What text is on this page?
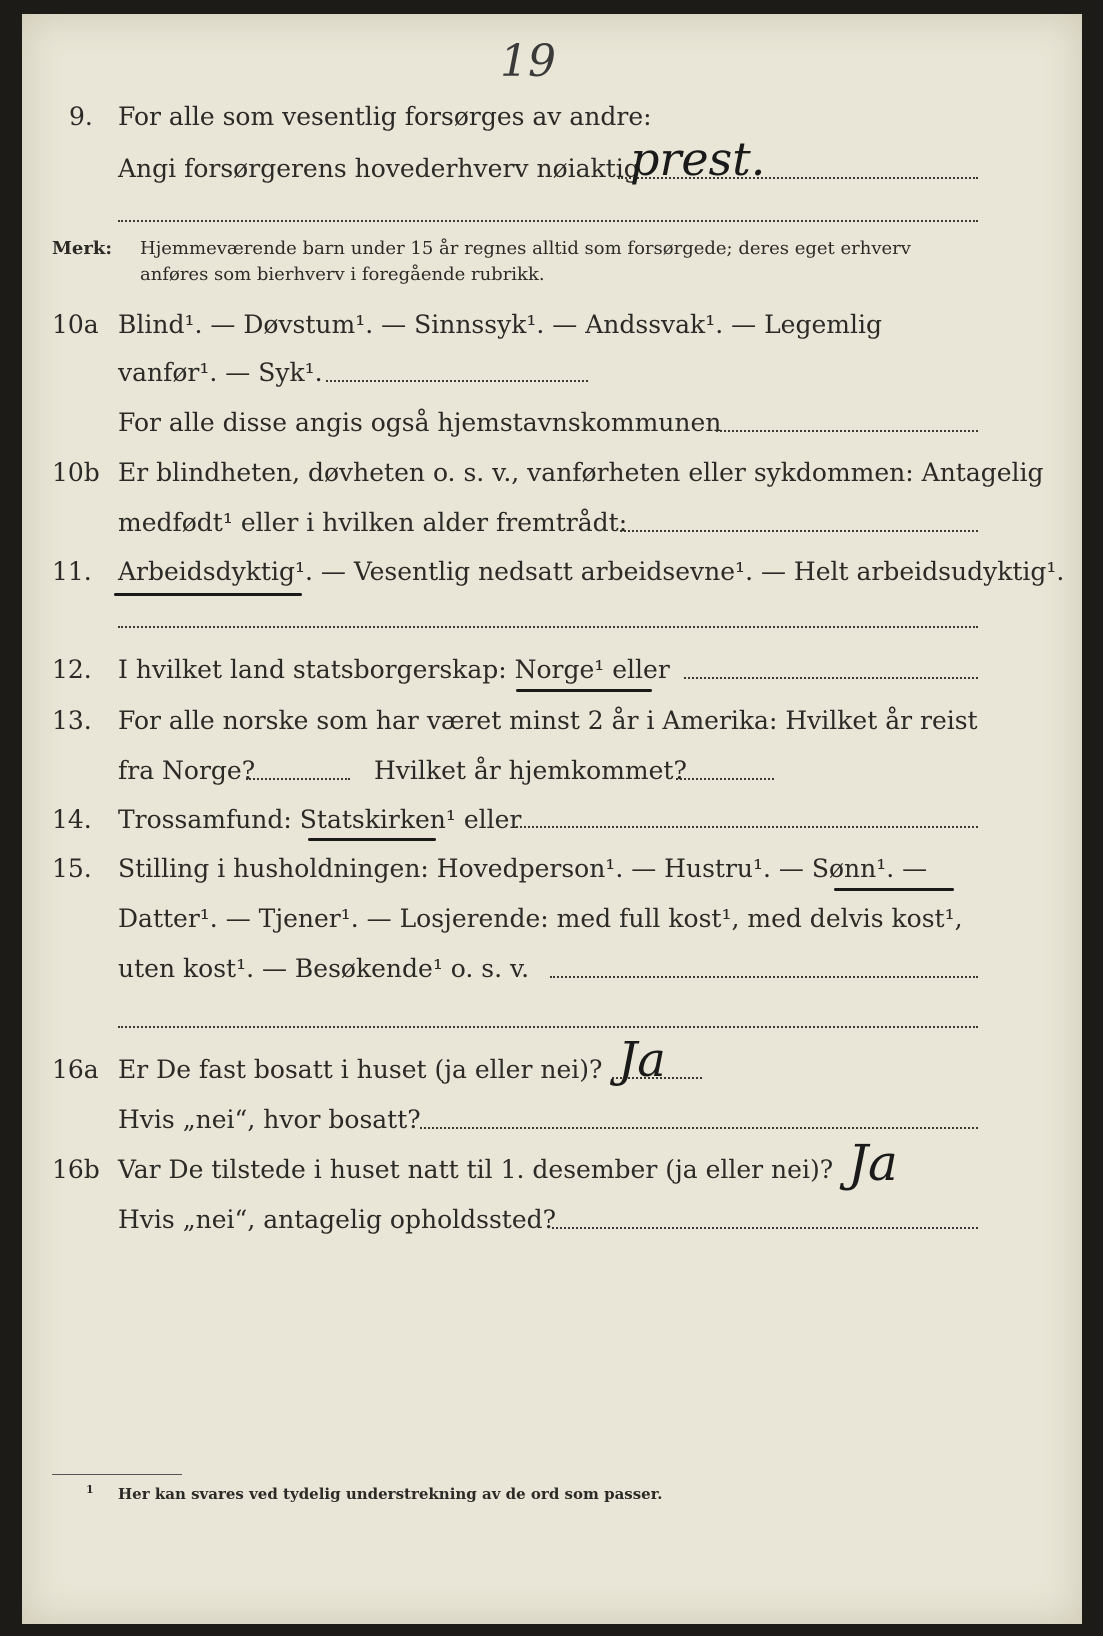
19
9. For alle som vesentlig forsørges av andre:
Angi forsørgerens hovederhverv nøiaktig
prest.
Merk: Hjemmeværende barn under 15 år regnes alltid som forsørgede; deres eget erhverv
anføres som bierhverv i foregående rubrikk.
10a Blind¹. — Døvstum¹. — Sinnssyk¹. — Andssvak¹. — Legemlig
vanfør¹. — Syk¹.
For alle disse angis også hjemstavnskommunen
10b Er blindheten, døvheten o. s. v., vanførheten eller sykdommen: Antagelig
medfødt¹ eller i hvilken alder fremtrådt:
11. Arbeidsdyktig¹. — Vesentlig nedsatt arbeidsevne¹. — Helt arbeidsudyktig¹.
12. I hvilket land statsborgerskap: Norge¹ eller
13. For alle norske som har været minst 2 år i Amerika: Hvilket år reist
fra Norge?	Hvilket år hjemkommet?
14. Trossamfund: Statskirken¹ eller
15. Stilling i husholdningen: Hovedperson¹. — Hustru¹. — Sønn¹. —
Datter¹. — Tjener¹. — Losjerende: med full kost¹, med delvis kost¹,
uten kost¹. — Besøkende¹ o. s. v.
16a Er De fast bosatt i huset (ja eller nei)? Ja
Hvis „nei“, hvor bosatt?
16b Var De tilstede i huset natt til 1. desember (ja eller nei)? Ja
Hvis „nei“, antagelig opholdssted?
1 Her kan svares ved tydelig understrekning av de ord som passer.
